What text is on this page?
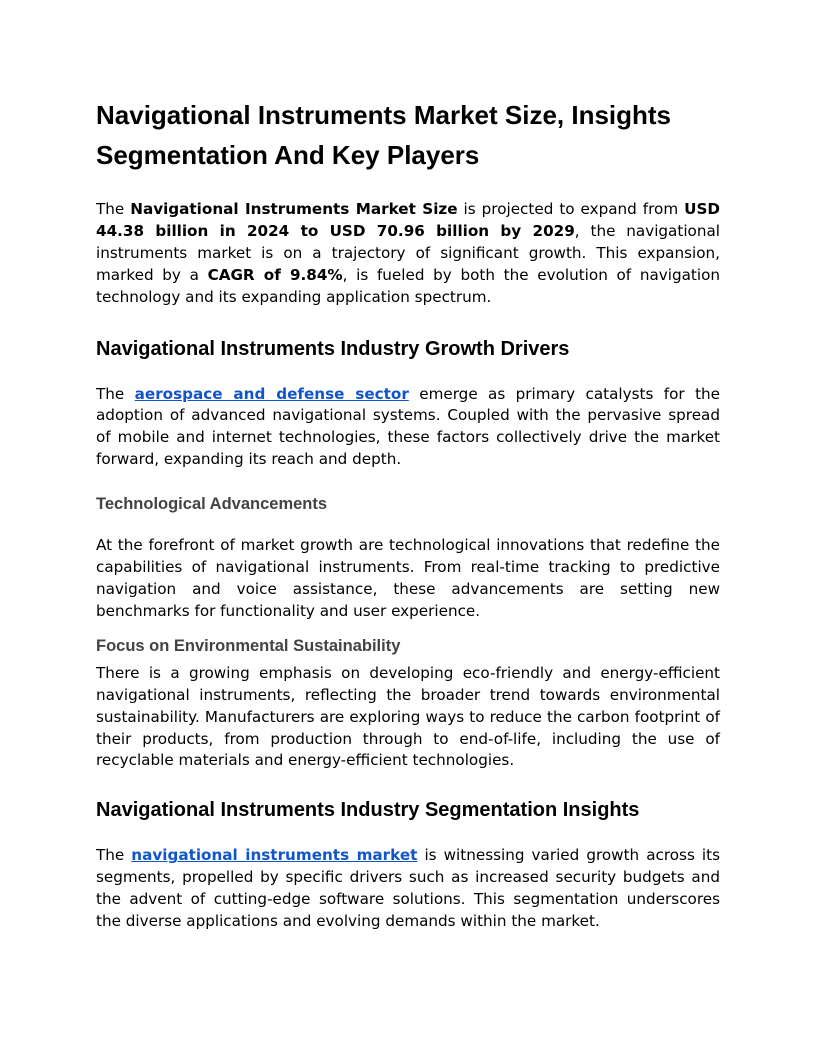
Navigational Instruments Market Size, Insights Segmentation And Key Players

The Navigational Instruments Market Size is projected to expand from USD 44.38 billion in 2024 to USD 70.96 billion by 2029, the navigational instruments market is on a trajectory of significant growth. This expansion, marked by a CAGR of 9.84%, is fueled by both the evolution of navigation technology and its expanding application spectrum.

Navigational Instruments Industry Growth Drivers

The aerospace and defense sector emerge as primary catalysts for the adoption of advanced navigational systems. Coupled with the pervasive spread of mobile and internet technologies, these factors collectively drive the market forward, expanding its reach and depth.

Technological Advancements

At the forefront of market growth are technological innovations that redefine the capabilities of navigational instruments. From real-time tracking to predictive navigation and voice assistance, these advancements are setting new benchmarks for functionality and user experience.

Focus on Environmental Sustainability

There is a growing emphasis on developing eco-friendly and energy-efficient navigational instruments, reflecting the broader trend towards environmental sustainability. Manufacturers are exploring ways to reduce the carbon footprint of their products, from production through to end-of-life, including the use of recyclable materials and energy-efficient technologies.

Navigational Instruments Industry Segmentation Insights

The navigational instruments market is witnessing varied growth across its segments, propelled by specific drivers such as increased security budgets and the advent of cutting-edge software solutions. This segmentation underscores the diverse applications and evolving demands within the market.
